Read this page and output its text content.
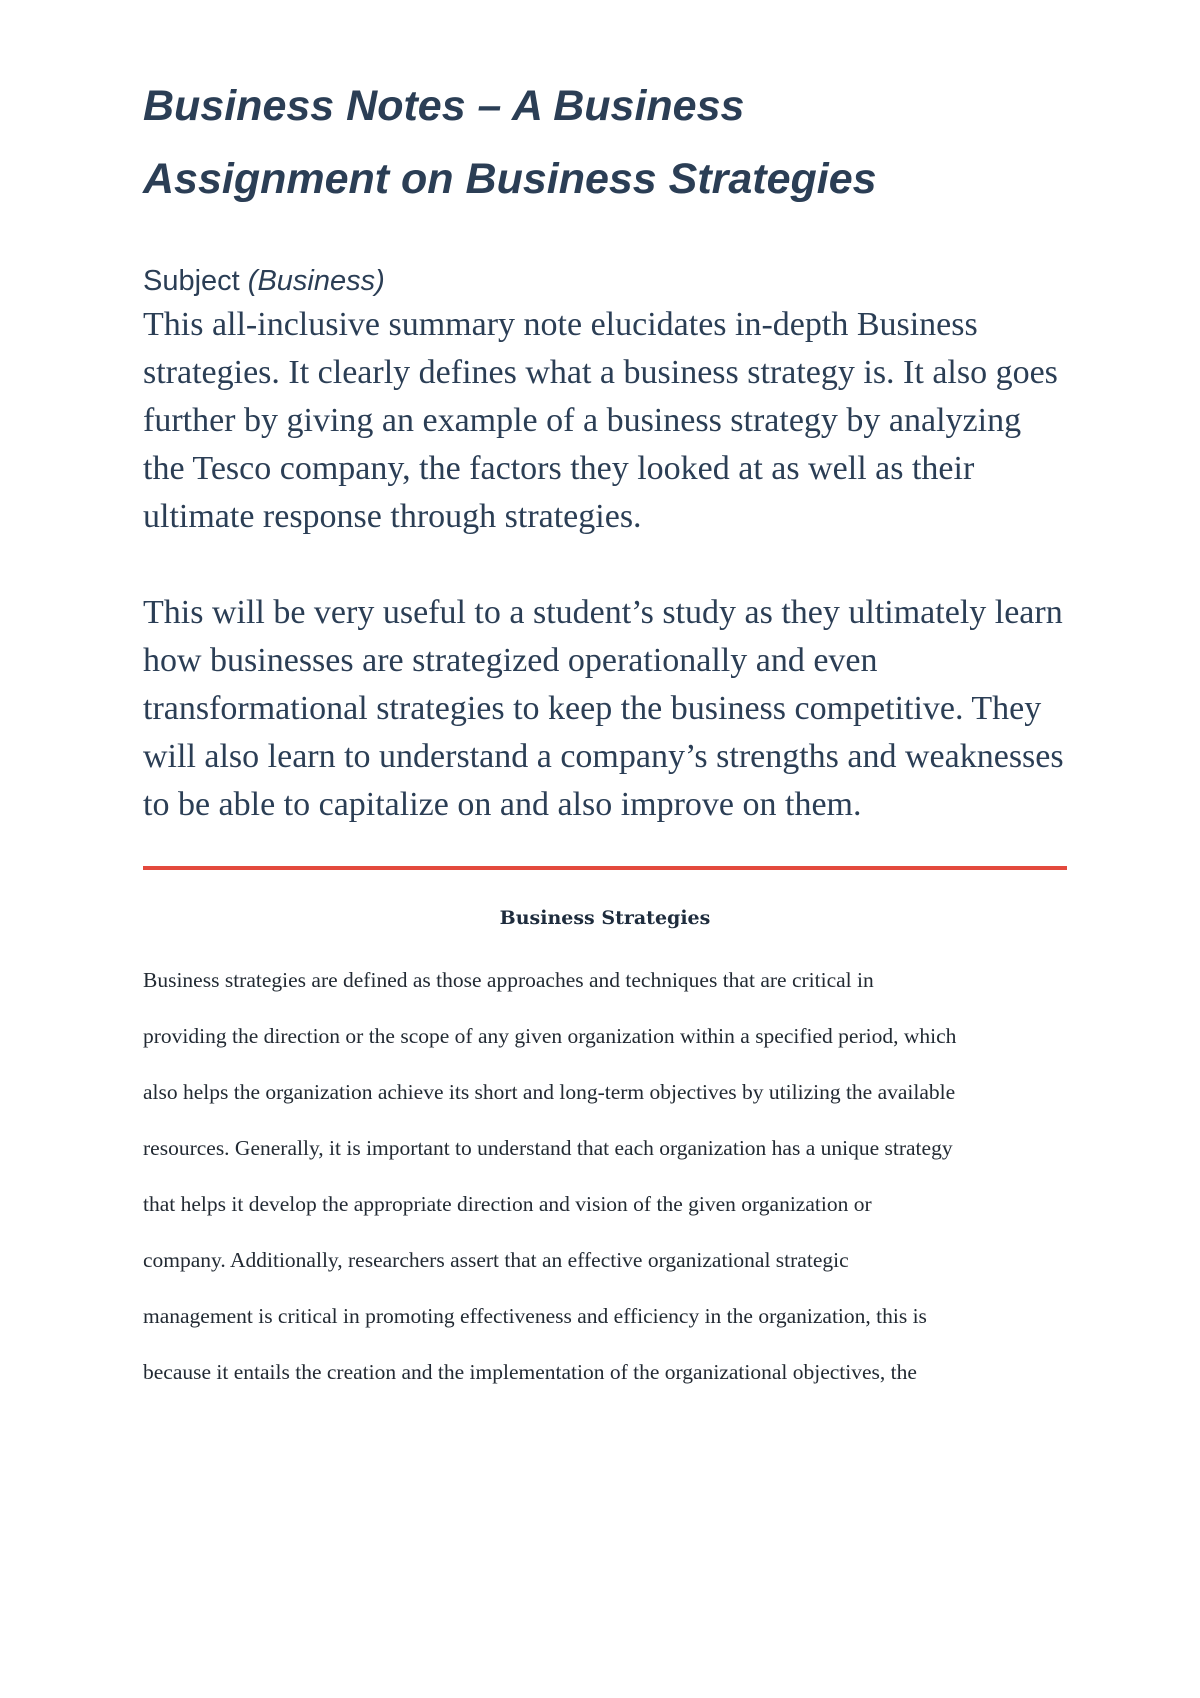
Business Notes – A Business
Assignment on Business Strategies
Subject (Business)

This all-inclusive summary note elucidates in-depth Business strategies. It clearly defines what a business strategy is. It also goes further by giving an example of a business strategy by analyzing the Tesco company, the factors they looked at as well as their ultimate response through strategies.

This will be very useful to a student’s study as they ultimately learn how businesses are strategized operationally and even transformational strategies to keep the business competitive. They will also learn to understand a company’s strengths and weaknesses to be able to capitalize on and also improve on them.

Business Strategies
Business strategies are defined as those approaches and techniques that are critical in
providing the direction or the scope of any given organization within a specified period, which
also helps the organization achieve its short and long-term objectives by utilizing the available
resources. Generally, it is important to understand that each organization has a unique strategy
that helps it develop the appropriate direction and vision of the given organization or
company. Additionally, researchers assert that an effective organizational strategic
management is critical in promoting effectiveness and efficiency in the organization, this is
because it entails the creation and the implementation of the organizational objectives, the
